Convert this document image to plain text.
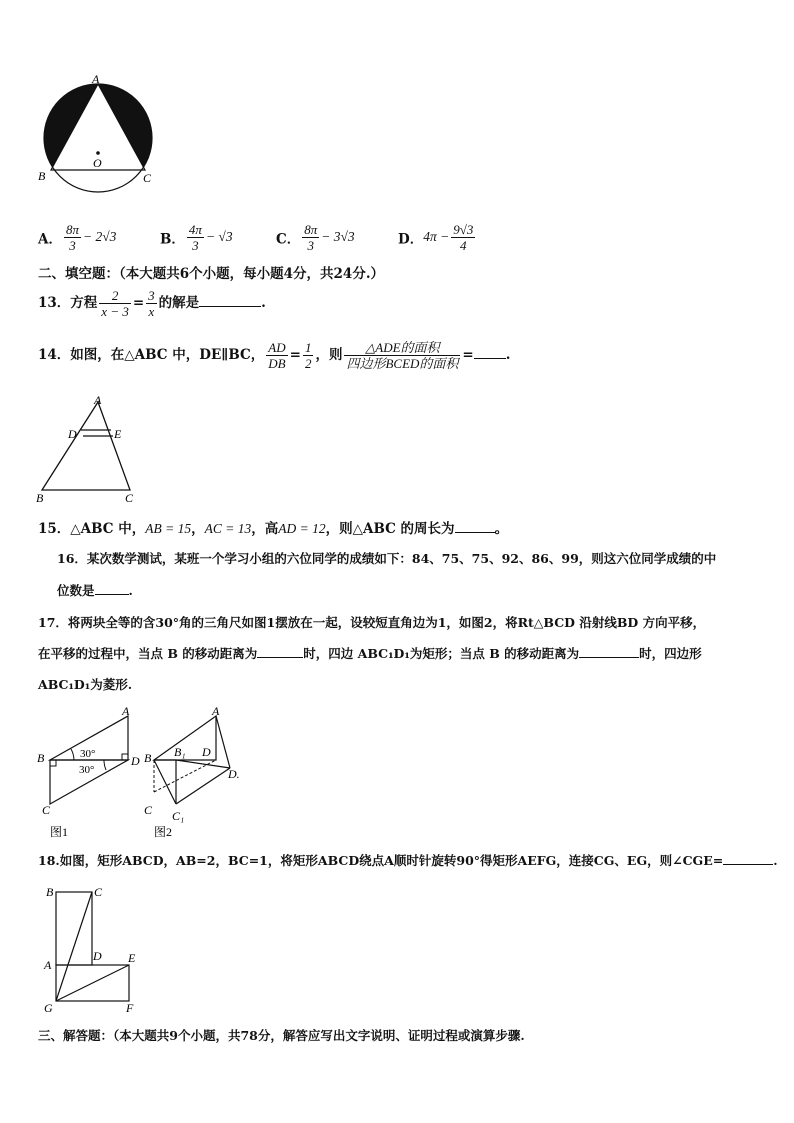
A
O
B	C
A． $\frac{8\pi}{3} - 2√3$	B． $\frac{4\pi}{3} - √3$	C． $\frac{8\pi}{3} - 3√3$	D．$4\pi - \frac{9√3}{4}$
二、填空题：（本大题共6个小题，每小题4分，共24分.）
13．方程 $\frac{2}{x - 3} = \frac{3}{x}$ 的解是	.
14．如图，在△ABC 中，DE∥BC， $\frac{AD}{DB} = \frac{1}{2}$ ，则 $\frac{\text{△ADE的面积}}{\text{四边形BCED的面积}}$ = .
A
D	E
B	C
15．△ABC 中，AB = 15，AC = 13，高AD = 12，则△ABC 的周长为	。
16．某次数学测试，某班一个学习小组的六位同学的成绩如下：84、75、75、92、86、99，则这六位同学成绩的中
位数是	.
17．将两块全等的含30°角的三角尺如图1摆放在一起，设较短直角边为1，如图2，将Rt△BCD 沿射线BD 方向平移，
在平移的过程中，当点 B 的移动距离为	时，四边 ABC₁D₁为矩形；当点 B 的移动距离为	时，四边形
ABC₁D₁为菱形.
30°
30°
A
B	D
C
图1
A
B B₁ D
D.
C C₁
图2
18.如图，矩形ABCD，AB=2，BC=1，将矩形ABCD绕点A顺时针旋转90°得矩形AEFG，连接CG、EG，则∠CGE=	.
B	C
A
D E
G	F
三、解答题：（本大题共9个小题，共78分，解答应写出文字说明、证明过程或演算步骤.
